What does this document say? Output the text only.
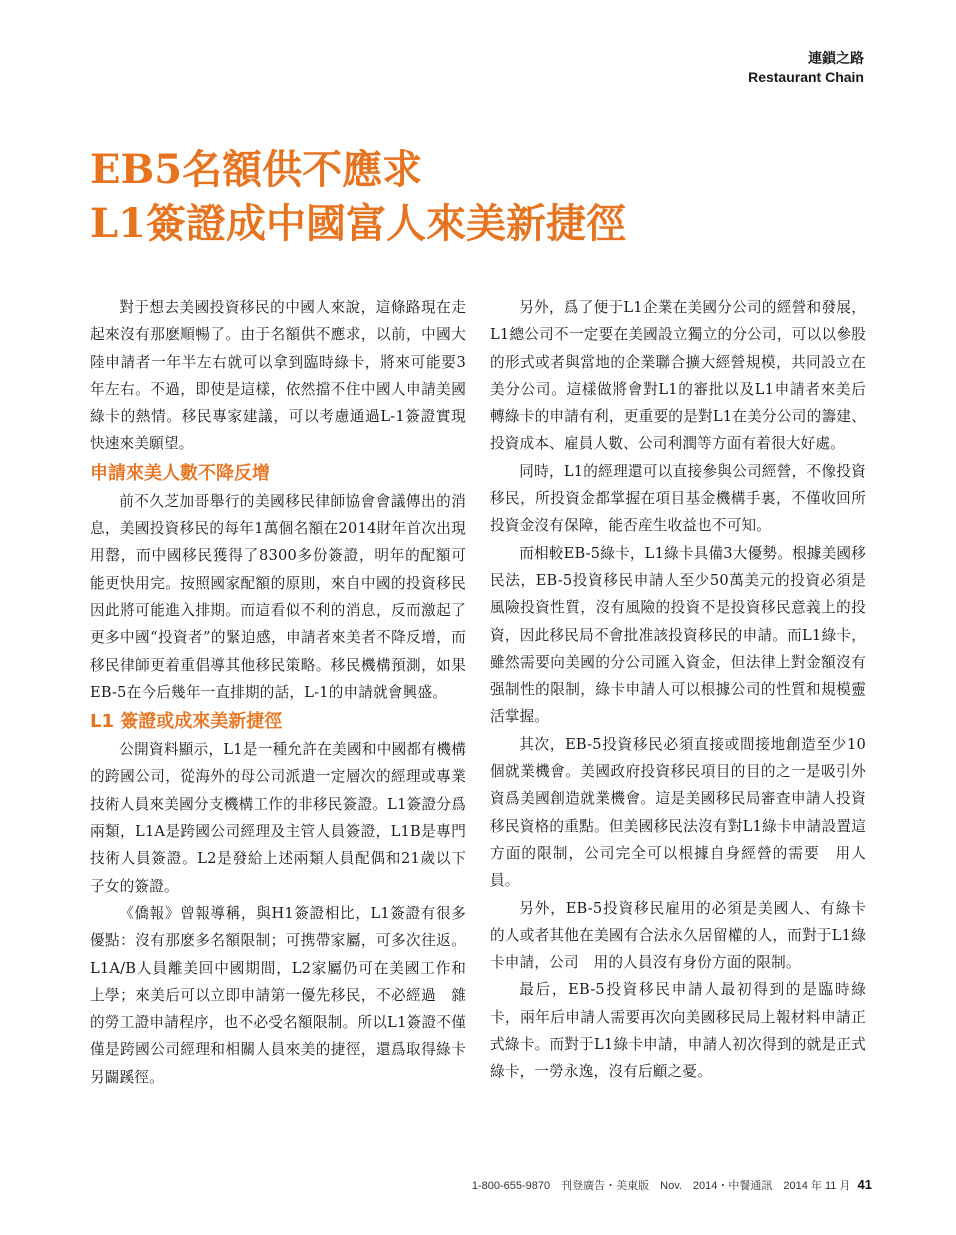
連鎖之路
Restaurant Chain
EB5名額供不應求
L1簽證成中國富人來美新捷徑

對于想去美國投資移民的中國人來說，這條路現在走起來沒有那麽順暢了。由于名額供不應求，以前，中國大陸申請者一年半左右就可以拿到臨時綠卡，將來可能要3年左右。不過，即使是這樣，依然擋不住中國人申請美國綠卡的熱情。移民專家建議，可以考慮通過L-1簽證實現快速來美願望。

申請來美人數不降反增

前不久芝加哥舉行的美國移民律師協會會議傳出的消息，美國投資移民的每年1萬個名額在2014財年首次出現用罄，而中國移民獲得了8300多份簽證，明年的配額可能更快用完。按照國家配額的原則，來自中國的投資移民因此將可能進入排期。而這看似不利的消息，反而激起了更多中國“投資者”的緊迫感，申請者來美者不降反增，而移民律師更着重倡導其他移民策略。移民機構預測，如果EB-5在今后幾年一直排期的話，L-1的申請就會興盛。

L1 簽證或成來美新捷徑

公開資料顯示，L1是一種允許在美國和中國都有機構的跨國公司，從海外的母公司派遣一定層次的經理或專業技術人員來美國分支機構工作的非移民簽證。L1簽證分爲兩類，L1A是跨國公司經理及主管人員簽證，L1B是專門技術人員簽證。L2是發給上述兩類人員配偶和21歲以下子女的簽證。

《僑報》曾報導稱，與H1簽證相比，L1簽證有很多優點：沒有那麽多名額限制；可携帶家屬，可多次往返。L1A/B人員離美回中國期間，L2家屬仍可在美國工作和上學；來美后可以立即申請第一優先移民，不必經過　雜的勞工證申請程序，也不必受名額限制。所以L1簽證不僅僅是跨國公司經理和相關人員來美的捷徑，還爲取得綠卡另闢蹊徑。

另外，爲了便于L1企業在美國分公司的經營和發展，L1總公司不一定要在美國設立獨立的分公司，可以以參股的形式或者與當地的企業聯合擴大經營規模，共同設立在美分公司。這樣做將會對L1的審批以及L1申請者來美后轉綠卡的申請有利，更重要的是對L1在美分公司的籌建、投資成本、雇員人數、公司利潤等方面有着很大好處。

同時，L1的經理還可以直接參與公司經營，不像投資移民，所投資金都掌握在項目基金機構手裏，不僅收回所投資金沒有保障，能否産生收益也不可知。

而相較EB-5綠卡，L1綠卡具備3大優勢。根據美國移民法，EB-5投資移民申請人至少50萬美元的投資必須是風險投資性質，沒有風險的投資不是投資移民意義上的投資，因此移民局不會批准該投資移民的申請。而L1綠卡，雖然需要向美國的分公司匯入資金，但法律上對金額沒有强制性的限制，綠卡申請人可以根據公司的性質和規模靈活掌握。

其次，EB-5投資移民必須直接或間接地創造至少10個就業機會。美國政府投資移民項目的目的之一是吸引外資爲美國創造就業機會。這是美國移民局審查申請人投資移民資格的重點。但美國移民法沒有對L1綠卡申請設置這方面的限制，公司完全可以根據自身經營的需要　用人員。

另外，EB-5投資移民雇用的必須是美國人、有綠卡的人或者其他在美國有合法永久居留權的人，而對于L1綠卡申請，公司　用的人員沒有身份方面的限制。

最后，EB-5投資移民申請人最初得到的是臨時綠卡，兩年后申請人需要再次向美國移民局上報材料申請正式綠卡。而對于L1綠卡申請，申請人初次得到的就是正式綠卡，一勞永逸，沒有后顧之憂。

1-800-655-9870　刊登廣告・美東版　Nov.　2014・中餐通訊　2014 年 11 月 41
